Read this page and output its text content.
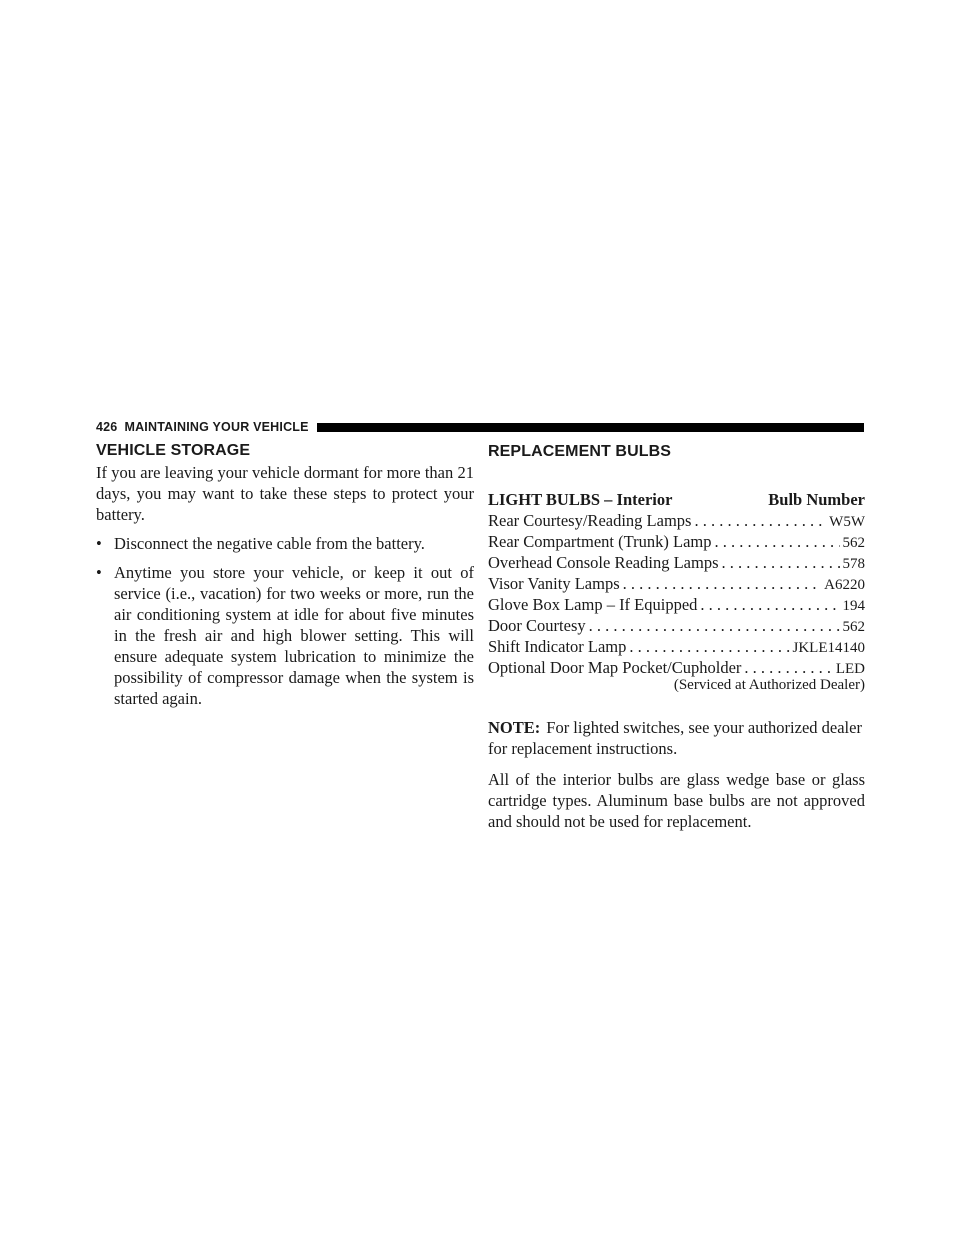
426 MAINTAINING YOUR VEHICLE
VEHICLE STORAGE

If you are leaving your vehicle dormant for more than 21 days, you may want to take these steps to protect your battery.

• Disconnect the negative cable from the battery.
• Anytime you store your vehicle, or keep it out of service (i.e., vacation) for two weeks or more, run the air conditioning system at idle for about five minutes in the fresh air and high blower setting. This will ensure adequate system lubrication to minimize the possibility of compressor damage when the system is started again.
REPLACEMENT BULBS
LIGHT BULBS – Interior	Bulb Number
Rear Courtesy/Reading Lamps . . .	W5W
Rear Compartment (Trunk) Lamp . . .	562
Overhead Console Reading Lamps . . .	578
Visor Vanity Lamps . . .	A6220
Glove Box Lamp – If Equipped . . .	194
Door Courtesy . . .	562
Shift Indicator Lamp . . .	JKLE14140
Optional Door Map Pocket/Cupholder . . .	LED
(Serviced at Authorized Dealer)

NOTE: For lighted switches, see your authorized dealer for replacement instructions.

All of the interior bulbs are glass wedge base or glass cartridge types. Aluminum base bulbs are not approved and should not be used for replacement.
